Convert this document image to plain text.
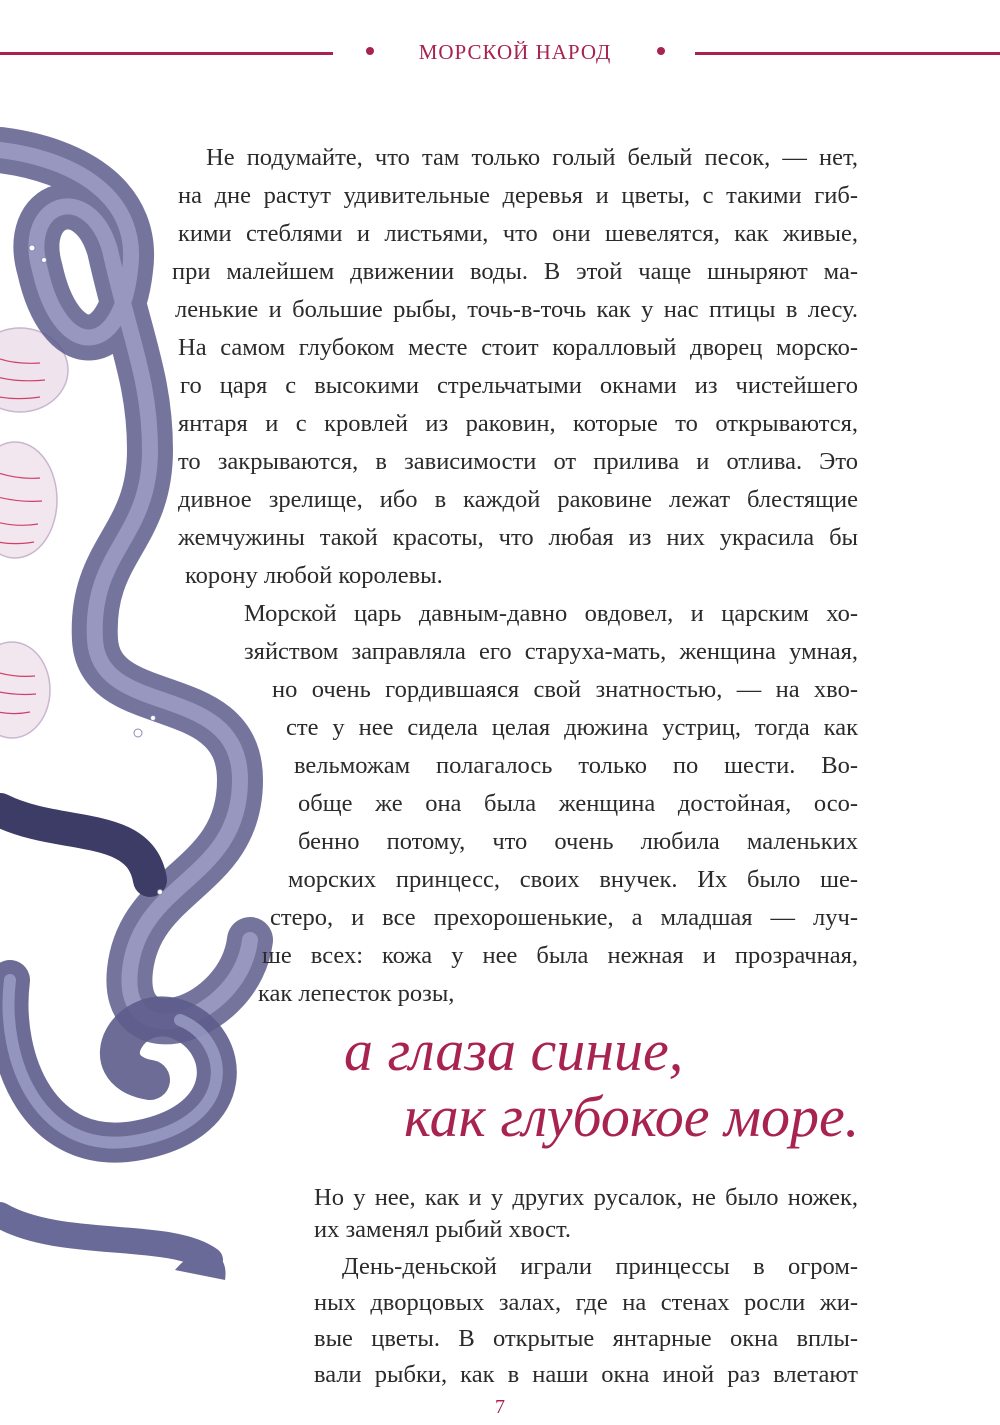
МОРСКОЙ НАРОД
Не подумайте, что там только голый белый песок, — нет,
на дне растут удивительные деревья и цветы, с такими гиб-
кими стеблями и листьями, что они шевелятся, как живые,
при малейшем движении воды. В этой чаще шныряют ма-
ленькие и большие рыбы, точь-в-точь как у нас птицы в лесу.
На самом глубоком месте стоит коралловый дворец морско-
го царя с высокими стрельчатыми окнами из чистейшего
янтаря и с кровлей из раковин, которые то открываются,
то закрываются, в зависимости от прилива и отлива. Это
дивное зрелище, ибо в каждой раковине лежат блестящие
жемчужины такой красоты, что любая из них украсила бы
корону любой королевы.
Морской царь давным-давно овдовел, и царским хо-
зяйством заправляла его старуха-мать, женщина умная,
но очень гордившаяся свой знатностью, — на хво-
сте у нее сидела целая дюжина устриц, тогда как
вельможам полагалось только по шести. Во-
обще же она была женщина достойная, осо-
бенно потому, что очень любила маленьких
морских принцесс, своих внучек. Их было ше-
стеро, и все прехорошенькие, а младшая — луч-
ше всех: кожа у нее была нежная и прозрачная,
как лепесток розы,
а глаза синие,
как глубокое море.
Но у нее, как и у других русалок, не было ножек,
их заменял рыбий хвост.
День-деньской играли принцессы в огром-
ных дворцовых залах, где на стенах росли жи-
вые цветы. В открытые янтарные окна вплы-
вали рыбки, как в наши окна иной раз влетают
7
